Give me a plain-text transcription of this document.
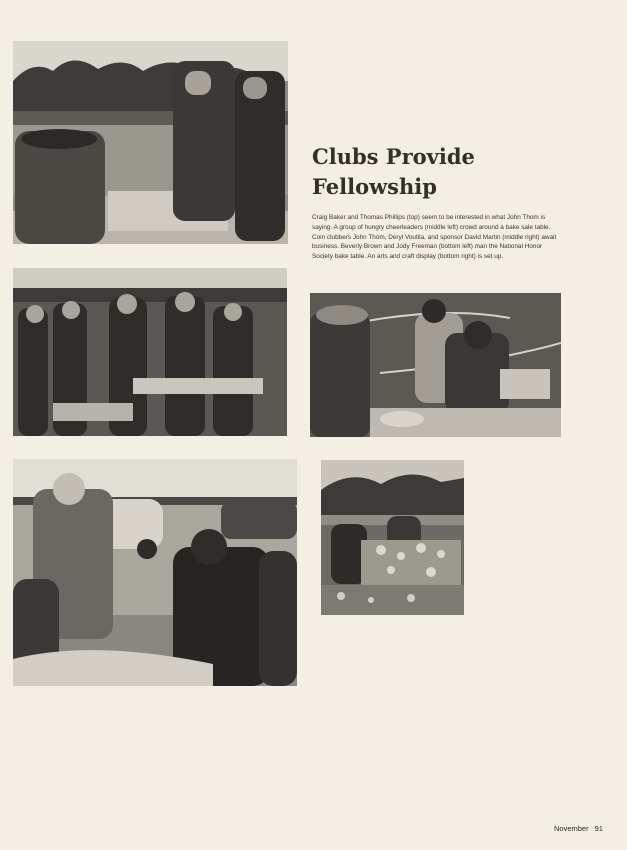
Clubs Provide
Fellowship
Craig Baker and Thomas Phillips (top) seem to be interested in what John Thom is saying. A group of hungry cheerleaders (middle left) crowd around a bake sale table. Coin clubbers John Thom, Deryl Voutila, and sponsor David Martin (middle right) await business. Beverly Brown and Jody Freeman (bottom left) man the National Honor Society bake table. An arts and craft display (bottom right) is set up.
November 91
